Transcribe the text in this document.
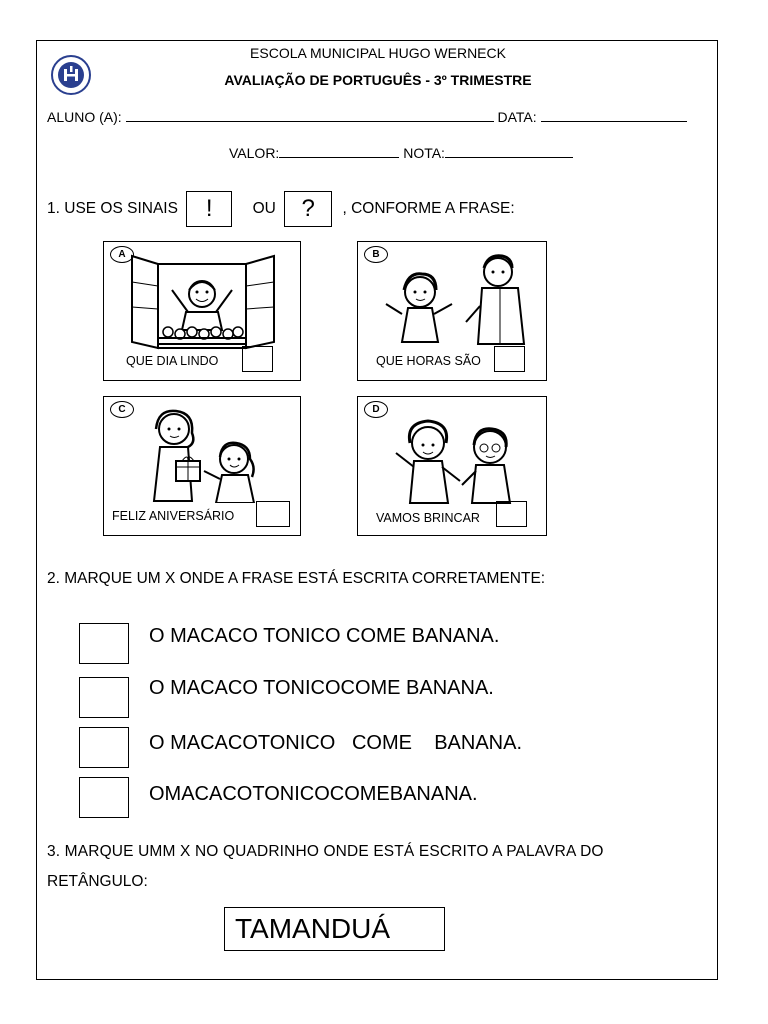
ESCOLA MUNICIPAL HUGO WERNECK
AVALIAÇÃO DE PORTUGUÊS - 3º TRIMESTRE
ALUNO (A):	DATA:
VALOR:	NOTA:
1. USE OS SINAIS !	OU ? , CONFORME A FRASE:
A
QUE DIA LINDO
B
QUE HORAS SÃO
C
FELIZ ANIVERSÁRIO
D
VAMOS BRINCAR
2. MARQUE UM X ONDE A FRASE ESTÁ ESCRITA CORRETAMENTE:
O MACACO TONICO COME BANANA.
O MACACO TONICOCOME BANANA.
O MACACOTONICO   COME    BANANA.
OMACACOTONICOCOMEBANANA.
3. MARQUE UMM X NO QUADRINHO ONDE ESTÁ ESCRITO A PALAVRA DO
RETÂNGULO:
TAMANDUÁ
